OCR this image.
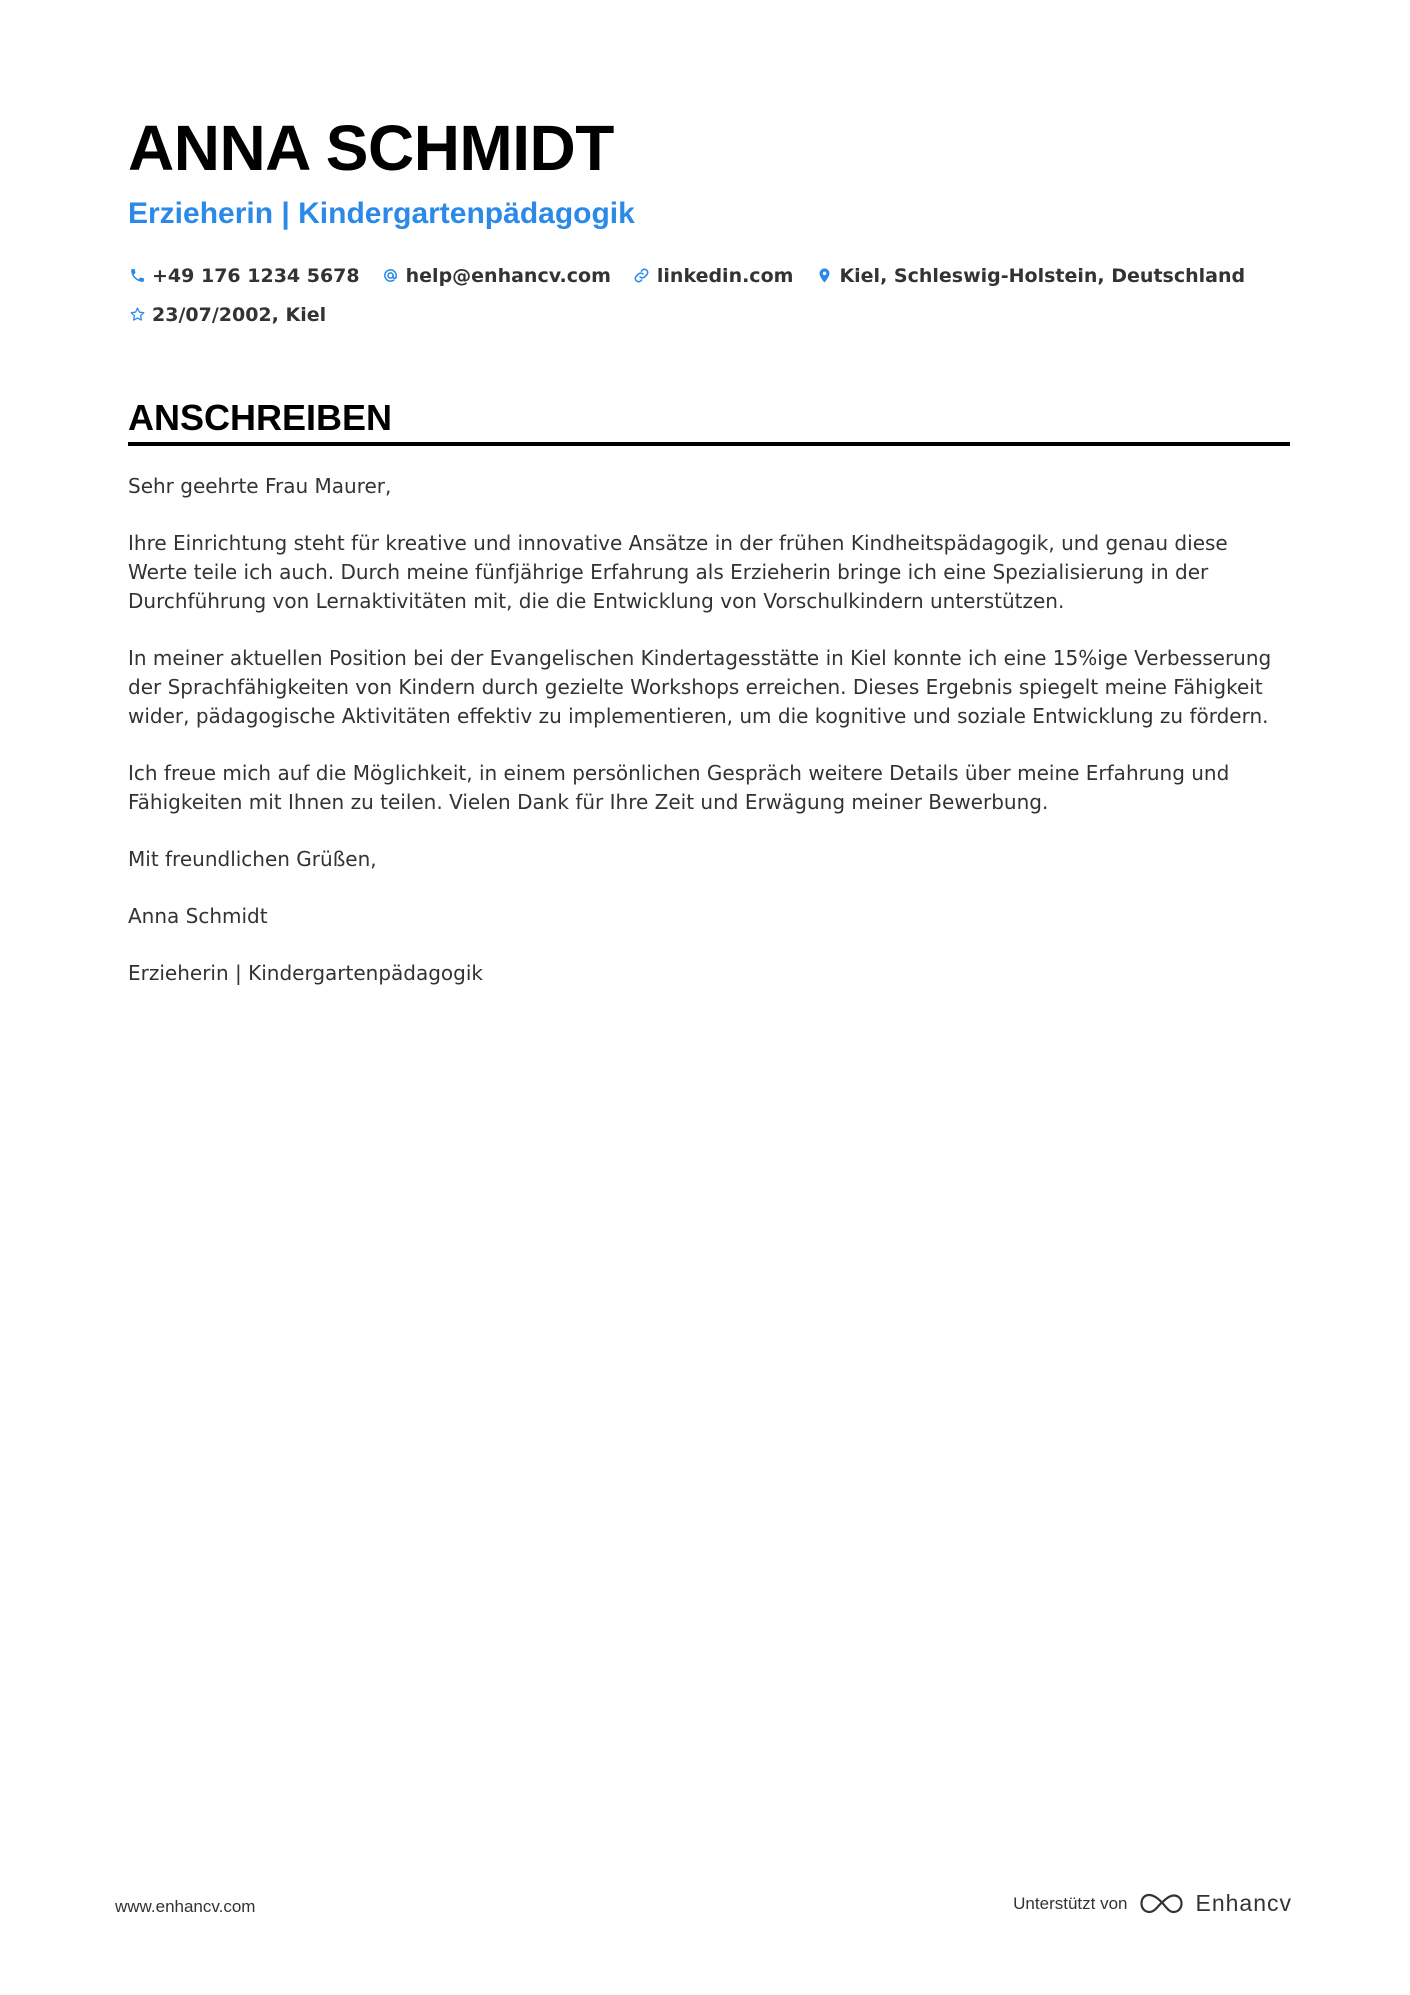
ANNA SCHMIDT
Erzieherin | Kindergartenpädagogik
+49 176 1234 5678 help@enhancv.com linkedin.com Kiel, Schleswig-Holstein, Deutschland
23/07/2002, Kiel
ANSCHREIBEN

Sehr geehrte Frau Maurer,

Ihre Einrichtung steht für kreative und innovative Ansätze in der frühen Kindheitspädagogik, und genau diese Werte teile ich auch. Durch meine fünfjährige Erfahrung als Erzieherin bringe ich eine Spezialisierung in der Durchführung von Lernaktivitäten mit, die die Entwicklung von Vorschulkindern unterstützen.

In meiner aktuellen Position bei der Evangelischen Kindertagesstätte in Kiel konnte ich eine 15%ige Verbesserung der Sprachfähigkeiten von Kindern durch gezielte Workshops erreichen. Dieses Ergebnis spiegelt meine Fähigkeit wider, pädagogische Aktivitäten effektiv zu implementieren, um die kognitive und soziale Entwicklung zu fördern.

Ich freue mich auf die Möglichkeit, in einem persönlichen Gespräch weitere Details über meine Erfahrung und Fähigkeiten mit Ihnen zu teilen. Vielen Dank für Ihre Zeit und Erwägung meiner Bewerbung.

Mit freundlichen Grüßen,

Anna Schmidt

Erzieherin | Kindergartenpädagogik

www.enhancv.com	Unterstützt von	Enhancv
